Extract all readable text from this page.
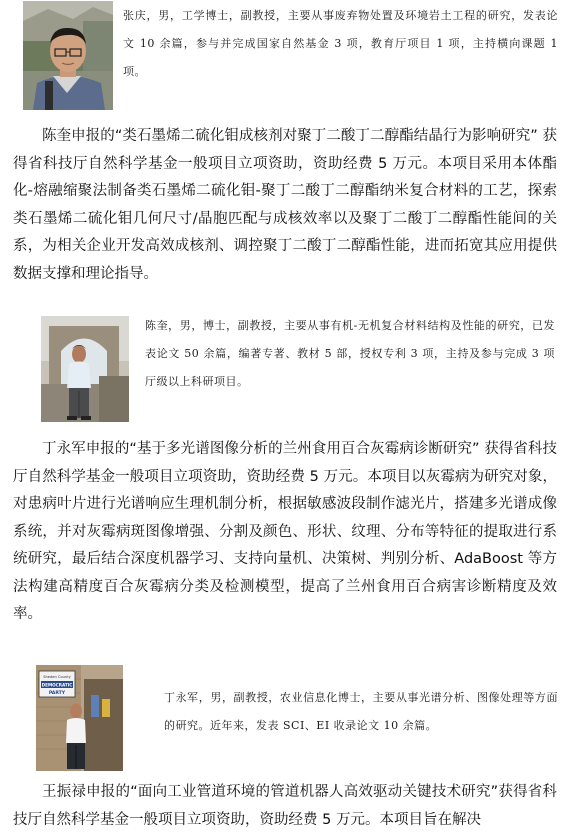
张庆，男，工学博士，副教授，主要从事废弃物处置及环境岩土工程的研究，发表论文 10 余篇，参与并完成国家自然基金 3 项，教育厅项目 1 项，主持横向课题 1 项。

陈奎申报的“类石墨烯二硫化钼成核剂对聚丁二酸丁二醇酯结晶行为影响研究” 获得省科技厅自然科学基金一般项目立项资助，资助经费 5 万元。本项目采用本体酯化-熔融缩聚法制备类石墨烯二硫化钼-聚丁二酸丁二醇酯纳米复合材料的工艺，探索类石墨烯二硫化钼几何尺寸/晶胞匹配与成核效率以及聚丁二酸丁二醇酯性能间的关系，为相关企业开发高效成核剂、调控聚丁二酸丁二醇酯性能，进而拓宽其应用提供数据支撑和理论指导。

陈奎，男，博士，副教授，主要从事有机-无机复合材料结构及性能的研究，已发表论文 50 余篇，编著专著、教材 5 部，授权专利 3 项，主持及参与完成 3 项厅级以上科研项目。

丁永军申报的“基于多光谱图像分析的兰州食用百合灰霉病诊断研究” 获得省科技厅自然科学基金一般项目立项资助，资助经费 5 万元。本项目以灰霉病为研究对象，对患病叶片进行光谱响应生理机制分析，根据敏感波段制作滤光片，搭建多光谱成像系统，并对灰霉病斑图像增强、分割及颜色、形状、纹理、分布等特征的提取进行系统研究，最后结合深度机器学习、支持向量机、决策树、判别分析、AdaBoost 等方法构建高精度百合灰霉病分类及检测模型，提高了兰州食用百合病害诊断精度及效率。

Sheden County
DEMOCRATIC
PARTY	丁永军，男，副教授，农业信息化博士，主要从事光谱分析、图像处理等方面的研究。近年来，发表 SCI、EI 收录论文 10 余篇。

王振禄申报的“面向工业管道环境的管道机器人高效驱动关键技术研究”获得省科技厅自然科学基金一般项目立项资助，资助经费 5 万元。本项目旨在解决
